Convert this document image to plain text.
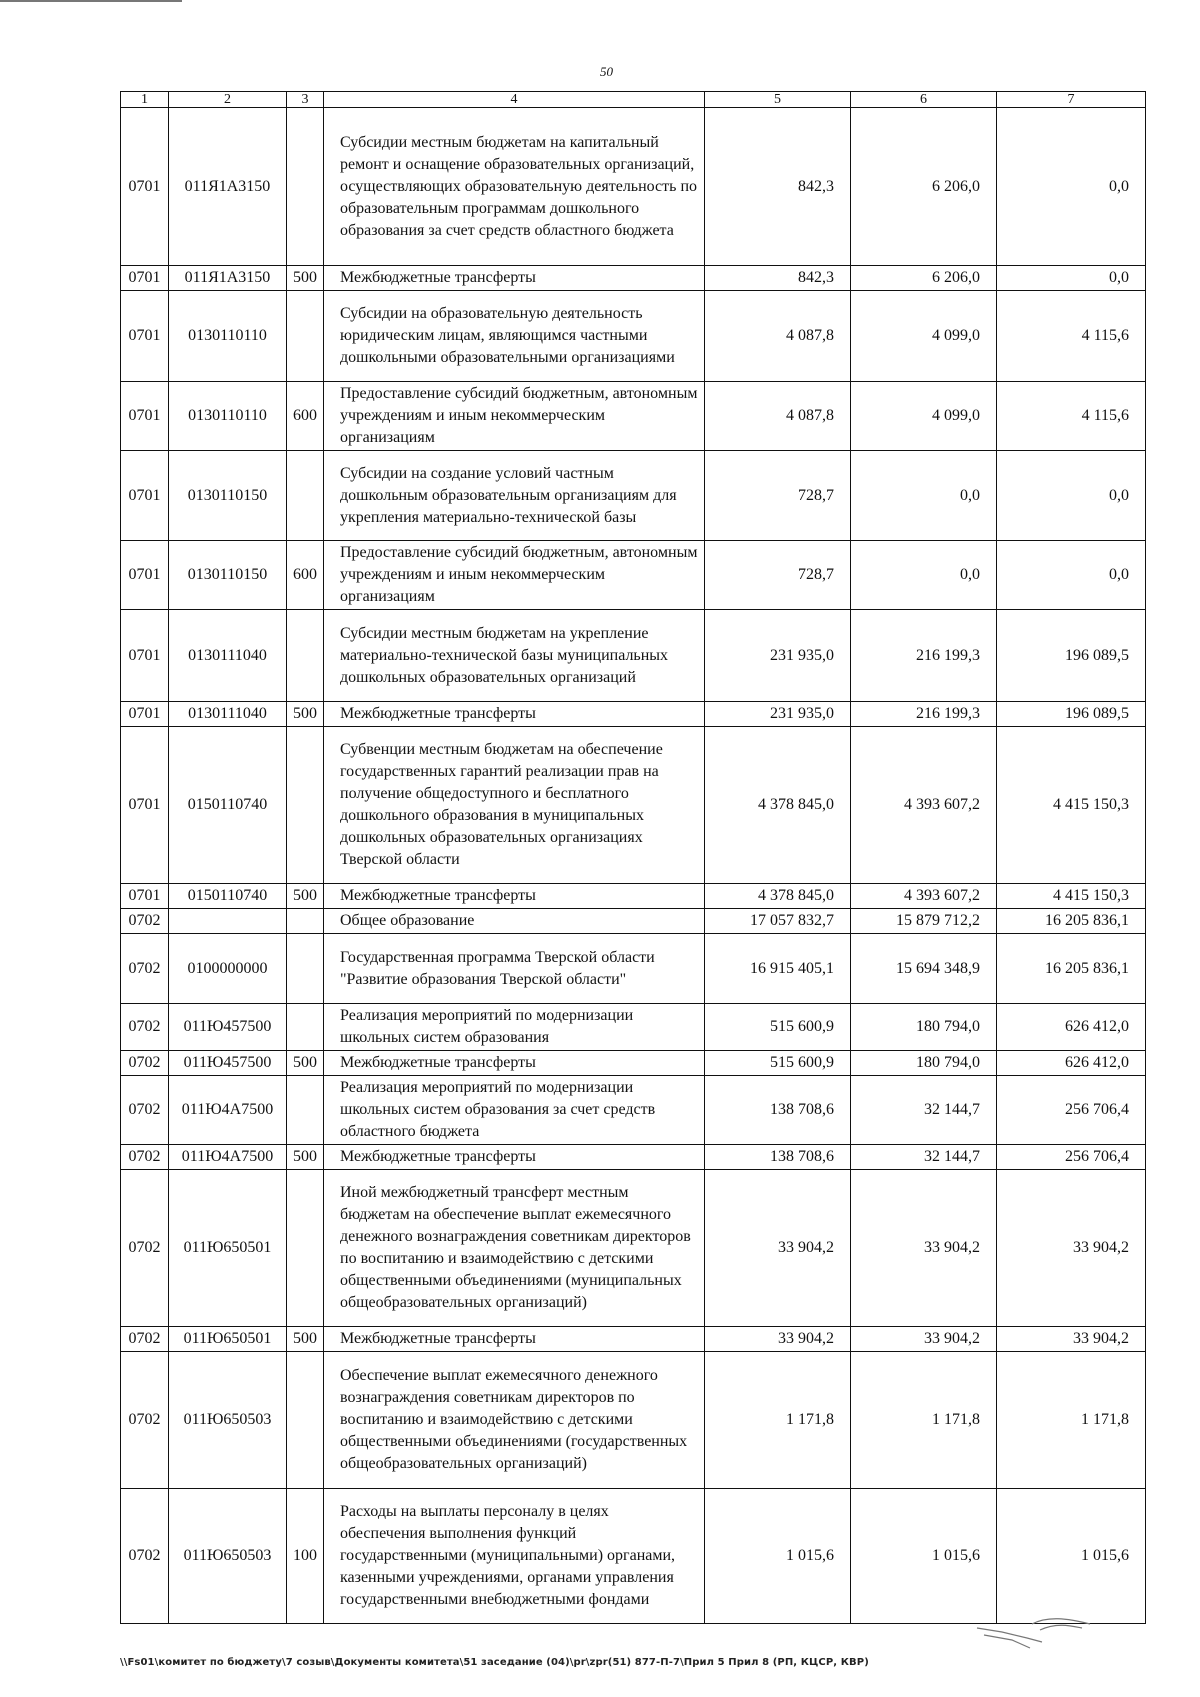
50
1	2	3	4	5	6	7
0701	011Я1А3150		Субсидии местным бюджетам на капитальный ремонт и оснащение образовательных организаций, осуществляющих образовательную деятельность по образовательным программам дошкольного образования за счет средств областного бюджета	842,3	6 206,0	0,0
0701	011Я1А3150	500	Межбюджетные трансферты	842,3	6 206,0	0,0
0701	0130110110		Субсидии на образовательную деятельность юридическим лицам, являющимся частными дошкольными образовательными организациями	4 087,8	4 099,0	4 115,6
0701	0130110110	600	Предоставление субсидий бюджетным, автономным учреждениям и иным некоммерческим организациям	4 087,8	4 099,0	4 115,6
0701	0130110150		Субсидии на создание условий частным дошкольным образовательным организациям для укрепления материально-технической базы	728,7	0,0	0,0
0701	0130110150	600	Предоставление субсидий бюджетным, автономным учреждениям и иным некоммерческим организациям	728,7	0,0	0,0
0701	0130111040		Субсидии местным бюджетам на укрепление материально-технической базы муниципальных дошкольных образовательных организаций	231 935,0	216 199,3	196 089,5
0701	0130111040	500	Межбюджетные трансферты	231 935,0	216 199,3	196 089,5
0701	0150110740		Субвенции местным бюджетам на обеспечение государственных гарантий реализации прав на получение общедоступного и бесплатного дошкольного образования в муниципальных дошкольных образовательных организациях Тверской области	4 378 845,0	4 393 607,2	4 415 150,3
0701	0150110740	500	Межбюджетные трансферты	4 378 845,0	4 393 607,2	4 415 150,3
0702			Общее образование	17 057 832,7	15 879 712,2	16 205 836,1
0702	0100000000		Государственная программа Тверской области "Развитие образования Тверской области"	16 915 405,1	15 694 348,9	16 205 836,1
0702	011Ю457500		Реализация мероприятий по модернизации школьных систем образования	515 600,9	180 794,0	626 412,0
0702	011Ю457500	500	Межбюджетные трансферты	515 600,9	180 794,0	626 412,0
0702	011Ю4А7500		Реализация мероприятий по модернизации школьных систем образования за счет средств областного бюджета	138 708,6	32 144,7	256 706,4
0702	011Ю4А7500	500	Межбюджетные трансферты	138 708,6	32 144,7	256 706,4
0702	011Ю650501		Иной межбюджетный трансферт местным бюджетам на обеспечение выплат ежемесячного денежного вознаграждения советникам директоров по воспитанию и взаимодействию с детскими общественными объединениями (муниципальных общеобразовательных организаций)	33 904,2	33 904,2	33 904,2
0702	011Ю650501	500	Межбюджетные трансферты	33 904,2	33 904,2	33 904,2
0702	011Ю650503		Обеспечение выплат ежемесячного денежного вознаграждения советникам директоров по воспитанию и взаимодействию с детскими общественными объединениями (государственных общеобразовательных организаций)	1 171,8	1 171,8	1 171,8
0702	011Ю650503	100	Расходы на выплаты персоналу в целях обеспечения выполнения функций государственными (муниципальными) органами, казенными учреждениями, органами управления государственными внебюджетными фондами	1 015,6	1 015,6	1 015,6
\\Fs01\комитет по бюджету\7 созыв\Документы комитета\51 заседание (04)\pr\zpr(51) 877-П-7\Прил 5 Прил 8 (РП, КЦСР, КВР)
